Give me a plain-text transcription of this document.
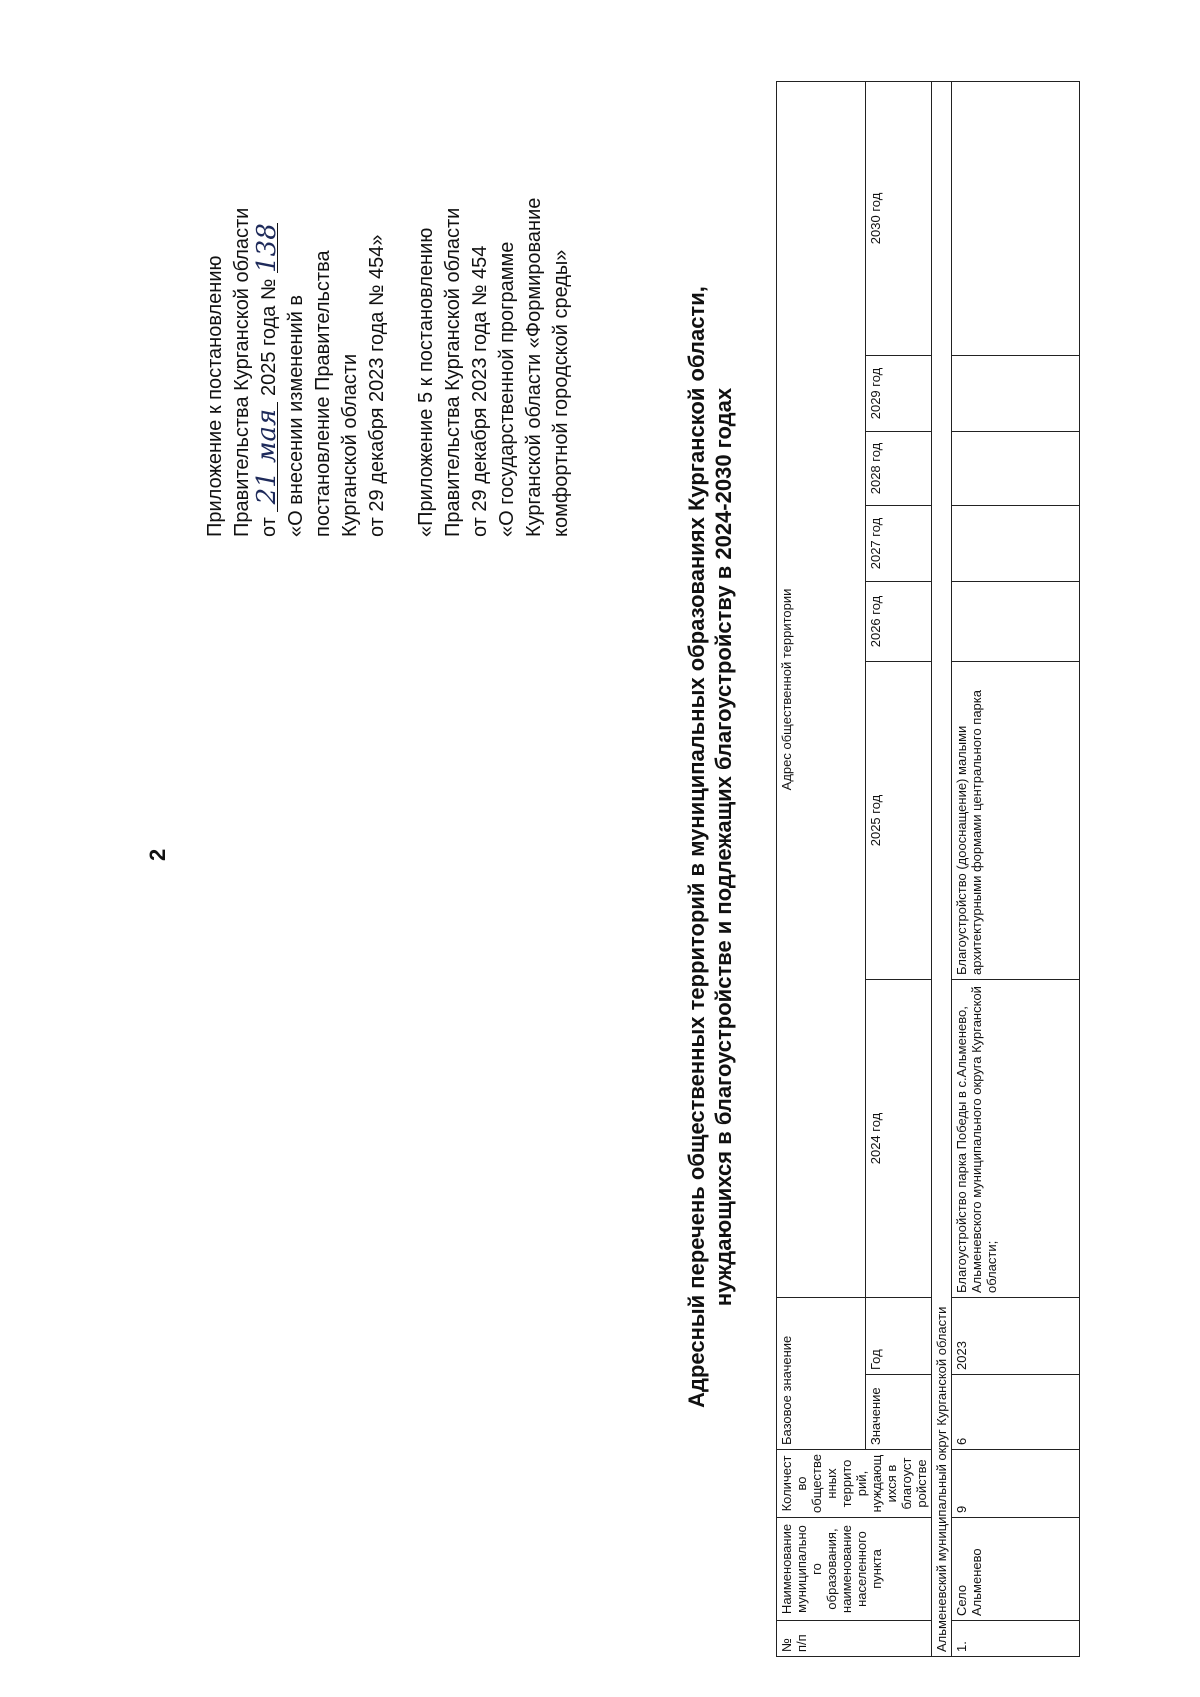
2

Приложение к постановлению Правительства Курганской области от 21 мая 2025 года № 138

«О внесении изменений в постановление Правительства Курганской области от 29 декабря 2023 года № 454» «Приложение 5 к постановлению Правительства Курганской области от 29 декабря 2023 года № 454 «О государственной программе Курганской области «Формирование комфортной городской среды»	Адресный перечень общественных территорий в муниципальных образованиях Курганской области, нуждающихся в благоустройстве и подлежащих благоустройству в 2024-2030 годах
№ п/п	Наименование муниципально го образования, наименование населенного пункта	Количест во обществе нных террито рий, нуждающ ихся в благоуст ройстве	Базовое значение		Адрес общественной территории						
			Значение	Год	2024 год	2025 год	2026 год	2027 год	2028 год	2029 год	2030 год
Альменевский муниципальный округ Курганской области											
1.	Село Альменево	9	6	2023	Благоустройство парка Победы в с.Альменево, Альменевского муниципального округа Курганской области;	Благоустройство (дооснащение) малыми архитектурными формами центрального парка					
